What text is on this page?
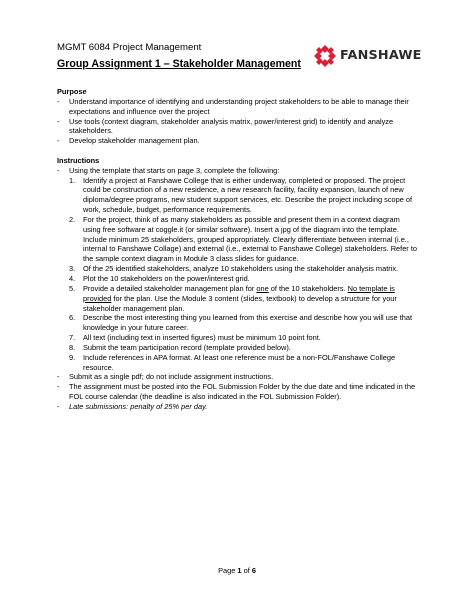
MGMT 6084 Project Management
Group Assignment 1 – Stakeholder Management
FANSHAWE
Purpose
-	Understand importance of identifying and understanding project stakeholders to be able to manage their expectations and influence over the project
-	Use tools (context diagram, stakeholder analysis matrix, power/interest grid) to identify and analyze stakeholders.
-	Develop stakeholder management plan.
Instructions
-	Using the template that starts on page 3, complete the following:
1.	Identify a project at Fanshawe College that is either underway, completed or proposed. The project could be construction of a new residence, a new research facility, facility expansion, launch of new diploma/degree programs, new student support services, etc. Describe the project including scope of work, schedule, budget, performance requirements.
2.	For the project, think of as many stakeholders as possible and present them in a context diagram using free software at coggle.it (or similar software). Insert a jpg of the diagram into the template. Include minimum 25 stakeholders, grouped appropriately. Clearly differentiate between internal (i.e., internal to Fanshawe Collage) and external (i.e., external to Fanshawe College) stakeholders. Refer to the sample context diagram in Module 3 class slides for guidance.
3.	Of the 25 identified stakeholders, analyze 10 stakeholders using the stakeholder analysis matrix.
4.	Plot the 10 stakeholders on the power/interest grid.
5.	Provide a detailed stakeholder management plan for one of the 10 stakeholders. No template is provided for the plan. Use the Module 3 content (slides, textbook) to develop a structure for your stakeholder management plan.
6.	Describe the most interesting thing you learned from this exercise and describe how you will use that knowledge in your future career.
7.	All text (including text in inserted figures) must be minimum 10 point font.
8.	Submit the team participation record (template provided below).
9.	Include references in APA format. At least one reference must be a non-FOL/Fanshawe College resource.
-	Submit as a single pdf; do not include assignment instructions.
-	The assignment must be posted into the FOL Submission Folder by the due date and time indicated in the FOL course calendar (the deadline is also indicated in the FOL Submission Folder).
-	Late submissions: penalty of 25% per day.
Page 1 of 6
